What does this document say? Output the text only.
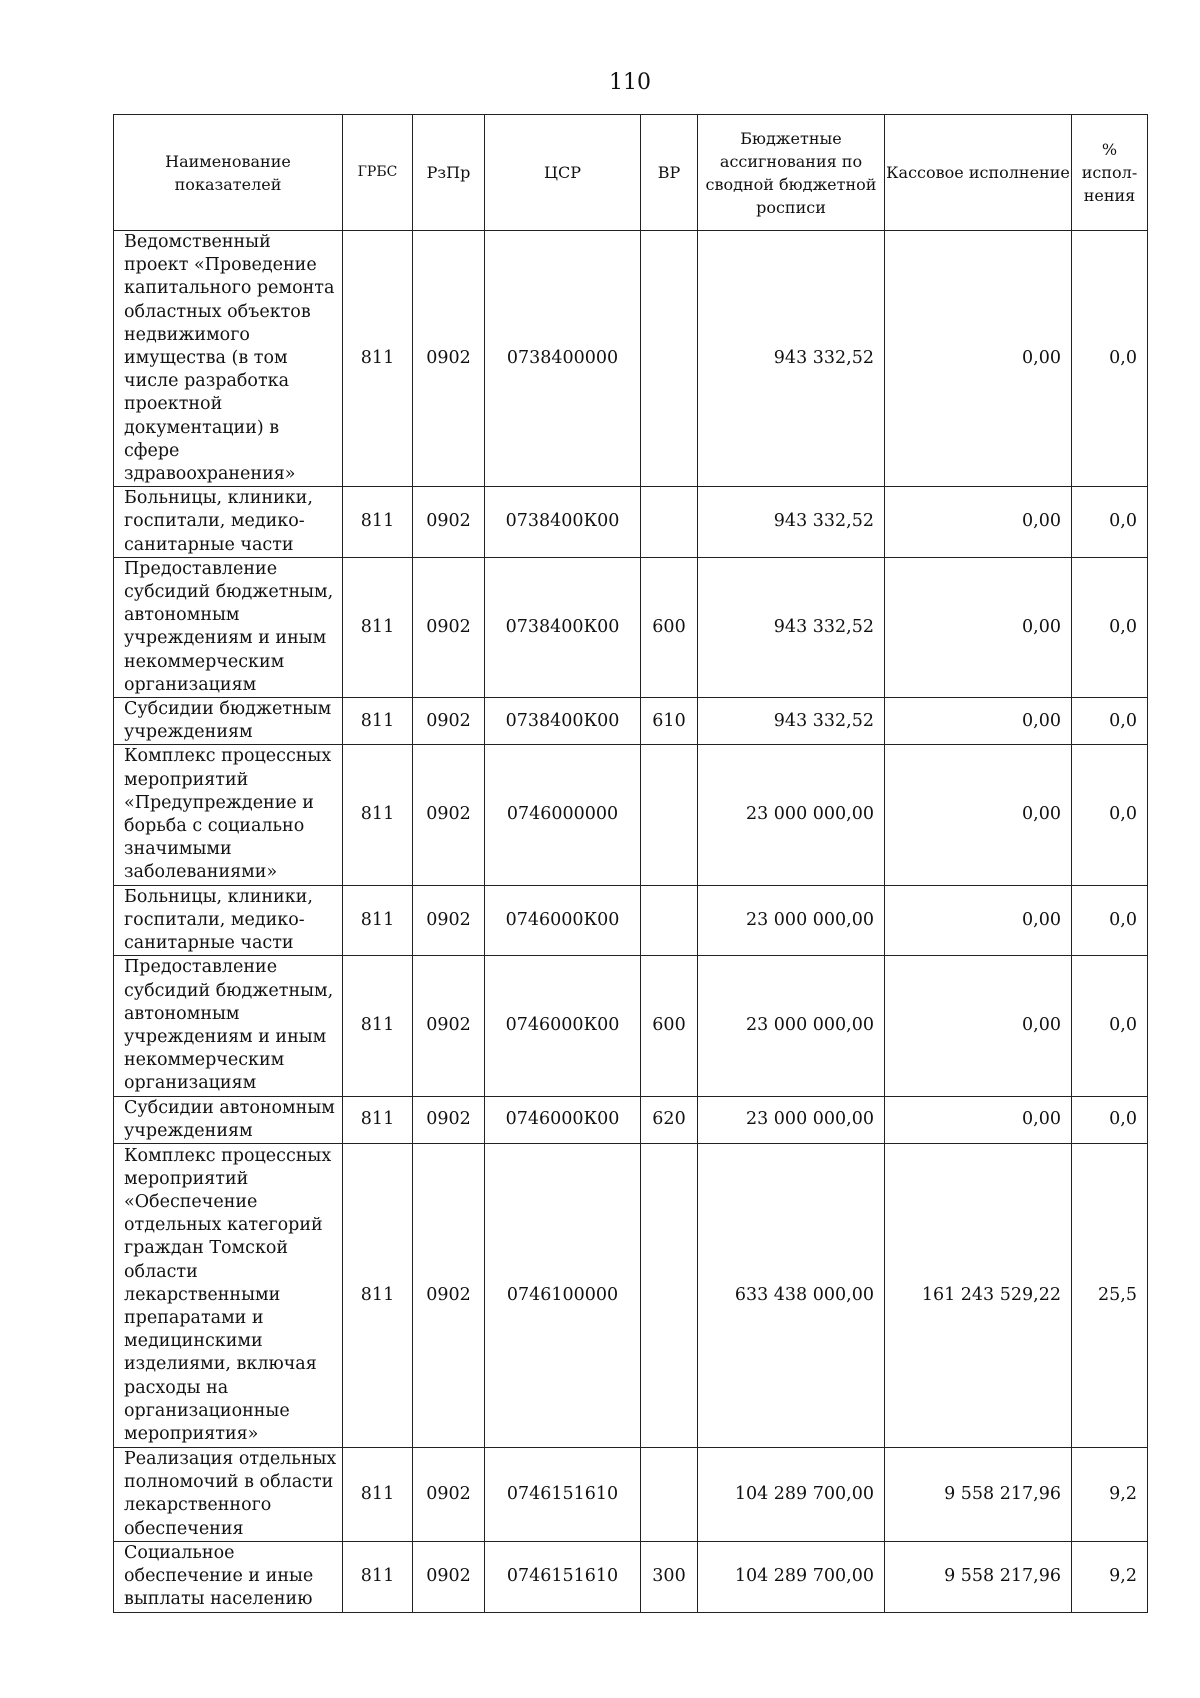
110
Наименование показателей	ГРБС	РзПр	ЦСР	ВР	Бюджетные ассигнования по сводной бюджетной росписи	Кассовое исполнение	% испол-нения
Ведомственный проект «Проведение капитального ремонта областных объектов недвижимого имущества (в том числе разработка проектной документации) в сфере здравоохранения»	811	0902	0738400000		943 332,52	0,00	0,0
Больницы, клиники, госпитали, медико-санитарные части	811	0902	0738400К00		943 332,52	0,00	0,0
Предоставление субсидий бюджетным, автономным учреждениям и иным некоммерческим организациям	811	0902	0738400К00	600	943 332,52	0,00	0,0
Субсидии бюджетным учреждениям	811	0902	0738400К00	610	943 332,52	0,00	0,0
Комплекс процессных мероприятий «Предупреждение и борьба с социально значимыми заболеваниями»	811	0902	0746000000		23 000 000,00	0,00	0,0
Больницы, клиники, госпитали, медико-санитарные части	811	0902	0746000К00		23 000 000,00	0,00	0,0
Предоставление субсидий бюджетным, автономным учреждениям и иным некоммерческим организациям	811	0902	0746000К00	600	23 000 000,00	0,00	0,0
Субсидии автономным учреждениям	811	0902	0746000К00	620	23 000 000,00	0,00	0,0
Комплекс процессных мероприятий «Обеспечение отдельных категорий граждан Томской области лекарственными препаратами и медицинскими изделиями, включая расходы на организационные мероприятия»	811	0902	0746100000		633 438 000,00	161 243 529,22	25,5
Реализация отдельных полномочий в области лекарственного обеспечения	811	0902	0746151610		104 289 700,00	9 558 217,96	9,2
Социальное обеспечение и иные выплаты населению	811	0902	0746151610	300	104 289 700,00	9 558 217,96	9,2
